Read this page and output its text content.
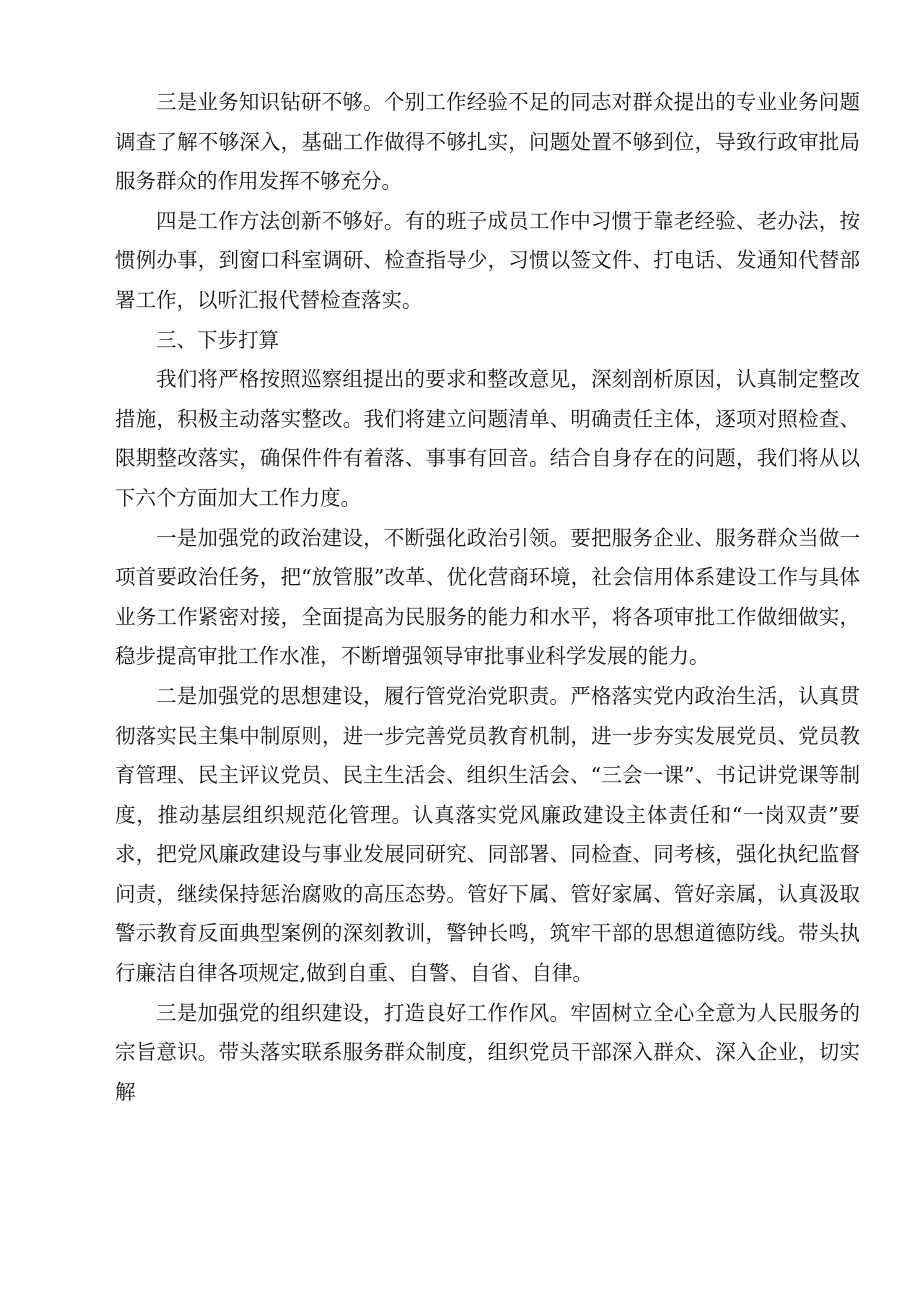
三是业务知识钻研不够。个别工作经验不足的同志对群众提出的专业业务问题调查了解不够深入，基础工作做得不够扎实，问题处置不够到位，导致行政审批局服务群众的作用发挥不够充分。

四是工作方法创新不够好。有的班子成员工作中习惯于靠老经验、老办法，按惯例办事，到窗口科室调研、检查指导少，习惯以签文件、打电话、发通知代替部署工作，以听汇报代替检查落实。

三、下步打算

我们将严格按照巡察组提出的要求和整改意见，深刻剖析原因，认真制定整改措施，积极主动落实整改。我们将建立问题清单、明确责任主体，逐项对照检查、限期整改落实，确保件件有着落、事事有回音。结合自身存在的问题，我们将从以下六个方面加大工作力度。

一是加强党的政治建设，不断强化政治引领。要把服务企业、服务群众当做一项首要政治任务，把“放管服”改革、优化营商环境，社会信用体系建设工作与具体业务工作紧密对接，全面提高为民服务的能力和水平，将各项审批工作做细做实，稳步提高审批工作水准，不断增强领导审批事业科学发展的能力。

二是加强党的思想建设，履行管党治党职责。严格落实党内政治生活，认真贯彻落实民主集中制原则，进一步完善党员教育机制，进一步夯实发展党员、党员教育管理、民主评议党员、民主生活会、组织生活会、“三会一课”、书记讲党课等制度，推动基层组织规范化管理。认真落实党风廉政建设主体责任和“一岗双责”要求，把党风廉政建设与事业发展同研究、同部署、同检查、同考核，强化执纪监督问责，继续保持惩治腐败的高压态势。管好下属、管好家属、管好亲属，认真汲取警示教育反面典型案例的深刻教训，警钟长鸣，筑牢干部的思想道德防线。带头执行廉洁自律各项规定,做到自重、自警、自省、自律。

三是加强党的组织建设，打造良好工作作风。牢固树立全心全意为人民服务的宗旨意识。带头落实联系服务群众制度，组织党员干部深入群众、深入企业，切实解
